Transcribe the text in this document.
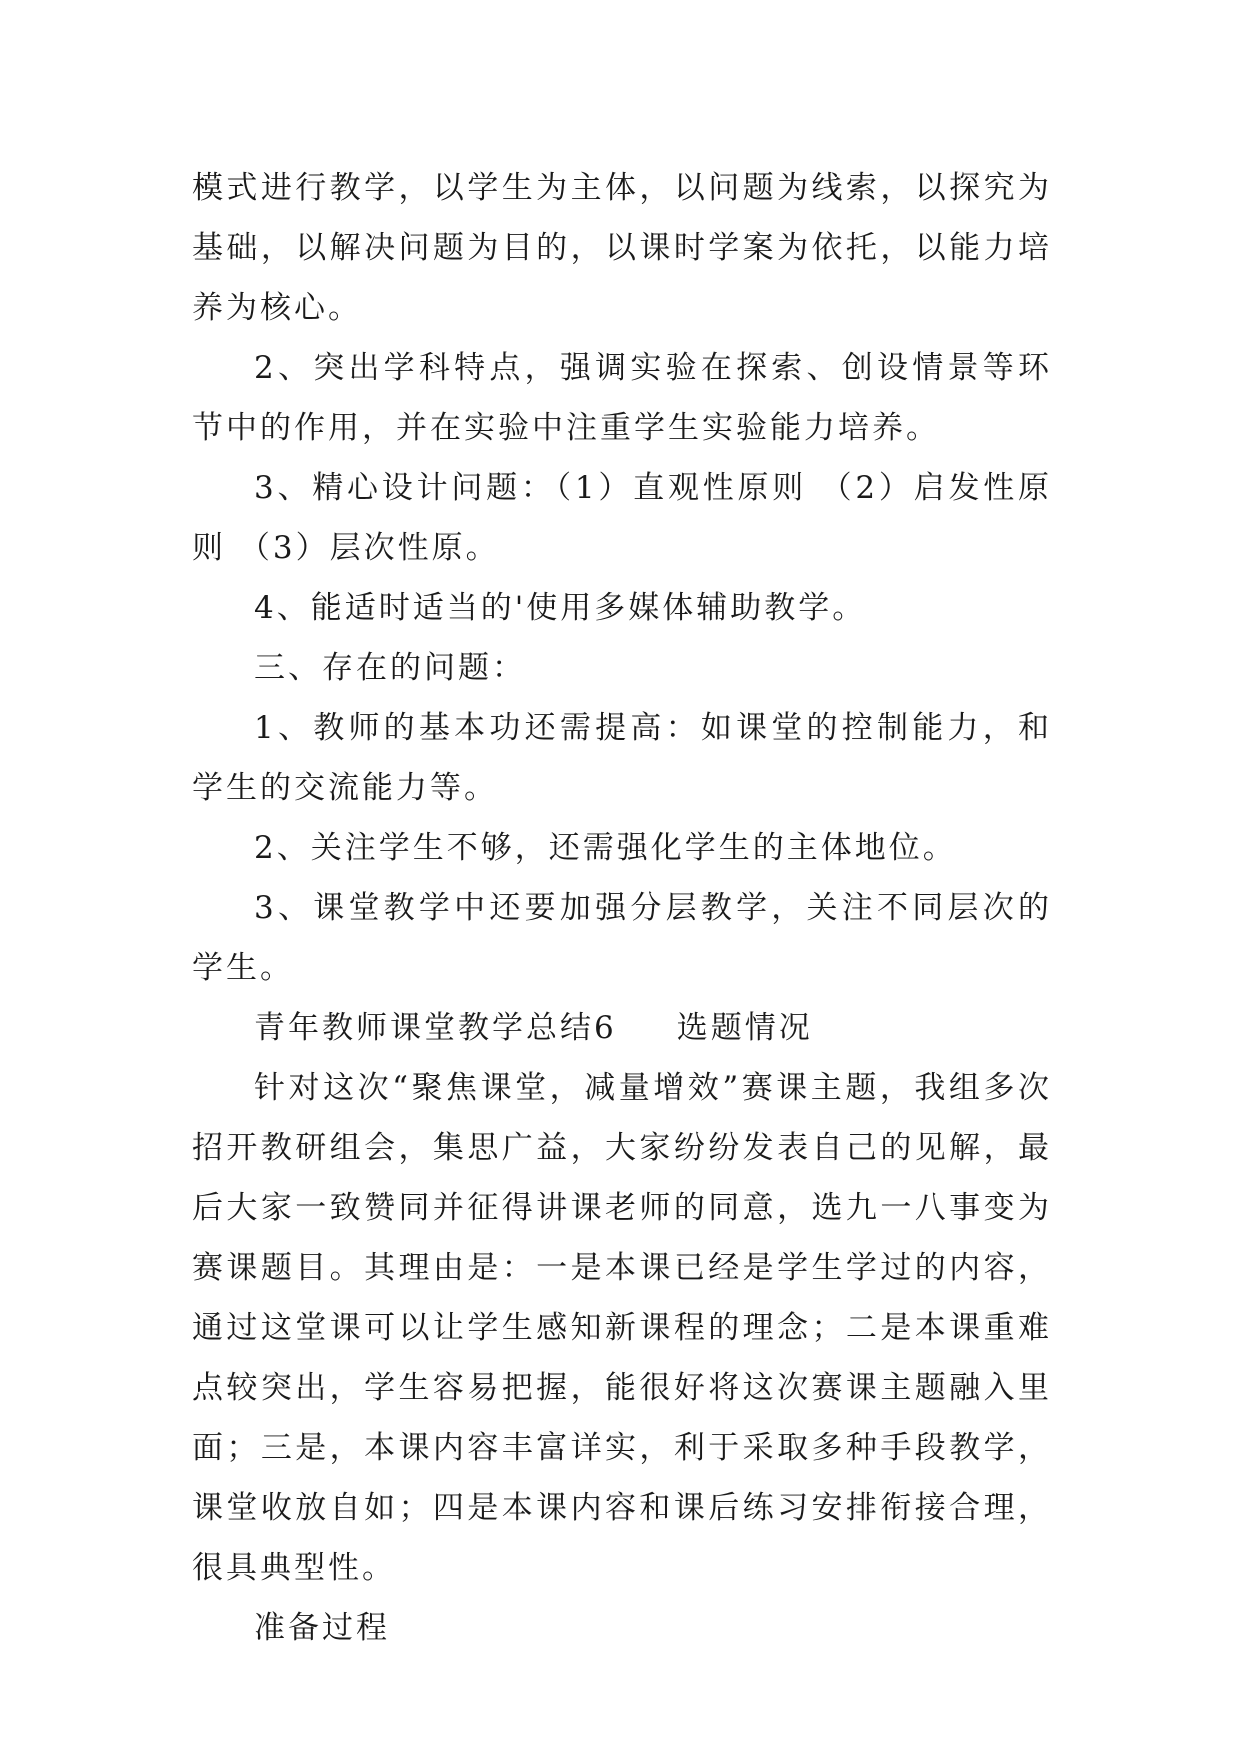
模式进行教学，以学生为主体，以问题为线索，以探究为基础，以解决问题为目的，以课时学案为依托，以能力培养为核心。

2、突出学科特点，强调实验在探索、创设情景等环节中的作用，并在实验中注重学生实验能力培养。

3、精心设计问题：（1）直观性原则 （2）启发性原则 （3）层次性原。

4、能适时适当的'使用多媒体辅助教学。

三、存在的问题：

1、教师的基本功还需提高：如课堂的控制能力，和学生的交流能力等。

2、关注学生不够，还需强化学生的主体地位。

3、课堂教学中还要加强分层教学，关注不同层次的学生。

青年教师课堂教学总结6 选题情况

针对这次“聚焦课堂，减量增效”赛课主题，我组多次招开教研组会，集思广益，大家纷纷发表自己的见解，最后大家一致赞同并征得讲课老师的同意，选九一八事变为赛课题目。其理由是：一是本课已经是学生学过的内容，通过这堂课可以让学生感知新课程的理念；二是本课重难点较突出，学生容易把握，能很好将这次赛课主题融入里面；三是，本课内容丰富详实，利于采取多种手段教学，课堂收放自如；四是本课内容和课后练习安排衔接合理，很具典型性。

准备过程
